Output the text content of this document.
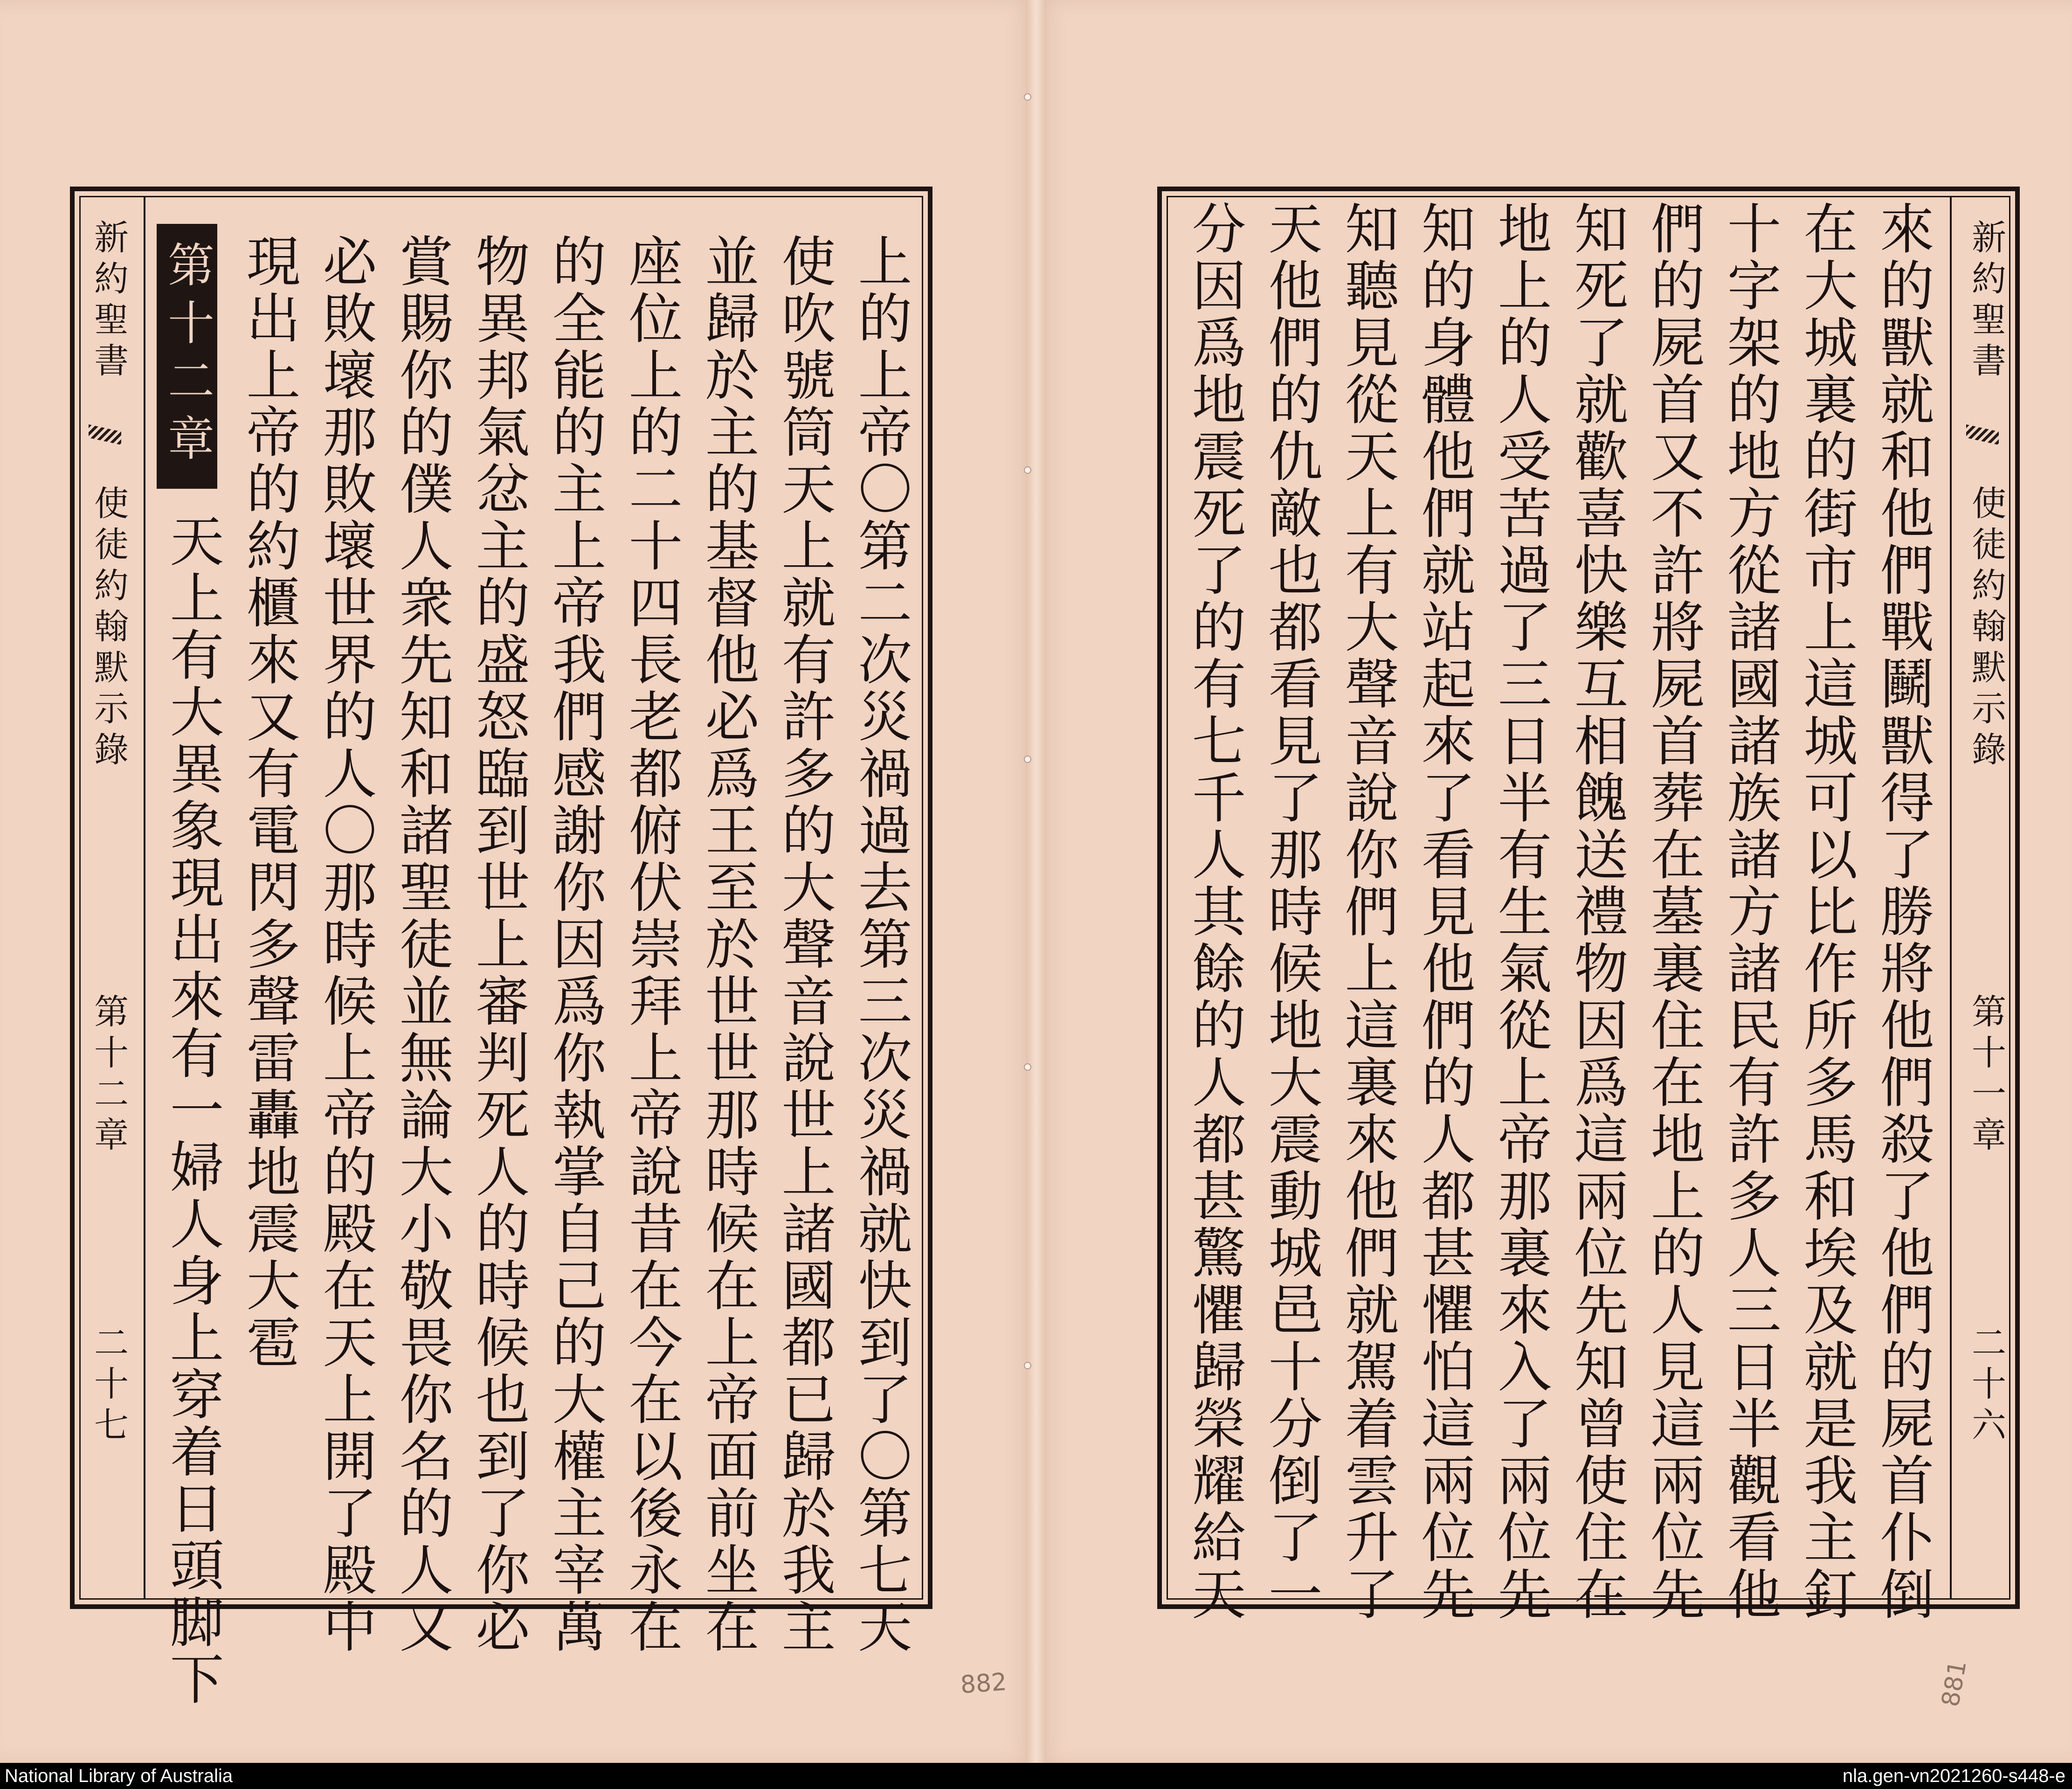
新約聖書
使徒約翰默示錄
第十二章
二十七	上的上帝〇第二次災禍過去第三次災禍就快到了〇第七天
使吹號筒天上就有許多的大聲音說世上諸國都已歸於我主
並歸於主的基督他必爲王至於世世那時候在上帝面前坐在
座位上的二十四長老都俯伏崇拜上帝說昔在今在以後永在
的全能的主上帝我們感謝你因爲你執掌自己的大權主宰萬
物異邦氣忿主的盛怒臨到世上審判死人的時候也到了你必
賞賜你的僕人衆先知和諸聖徒並無論大小敬畏你名的人又
必敗壞那敗壞世界的人〇那時候上帝的殿在天上開了殿中
現出上帝的約櫃來又有電閃多聲雷轟地震大雹
天上有大異象現出來有一婦人身上穿着日頭脚下
第十二章
882
來的獸就和他們戰鬭獸得了勝將他們殺了他們的屍首仆倒
在大城裏的街市上這城可以比作所多馬和埃及就是我主釘
十字架的地方從諸國諸族諸方諸民有許多人三日半觀看他
們的屍首又不許將屍首葬在墓裏住在地上的人見這兩位先
知死了就歡喜快樂互相餽送禮物因爲這兩位先知曾使住在
地上的人受苦過了三日半有生氣從上帝那裏來入了兩位先
知的身體他們就站起來了看見他們的人都甚懼怕這兩位先
知聽見從天上有大聲音說你們上這裏來他們就駕着雲升了
天他們的仇敵也都看見了那時候地大震動城邑十分倒了一
分因爲地震死了的有七千人其餘的人都甚驚懼歸榮耀給天	新約聖書
使徒約翰默示錄
第十一章
二十六
881
National Library of Australia	nla.gen-vn2021260-s448-e
